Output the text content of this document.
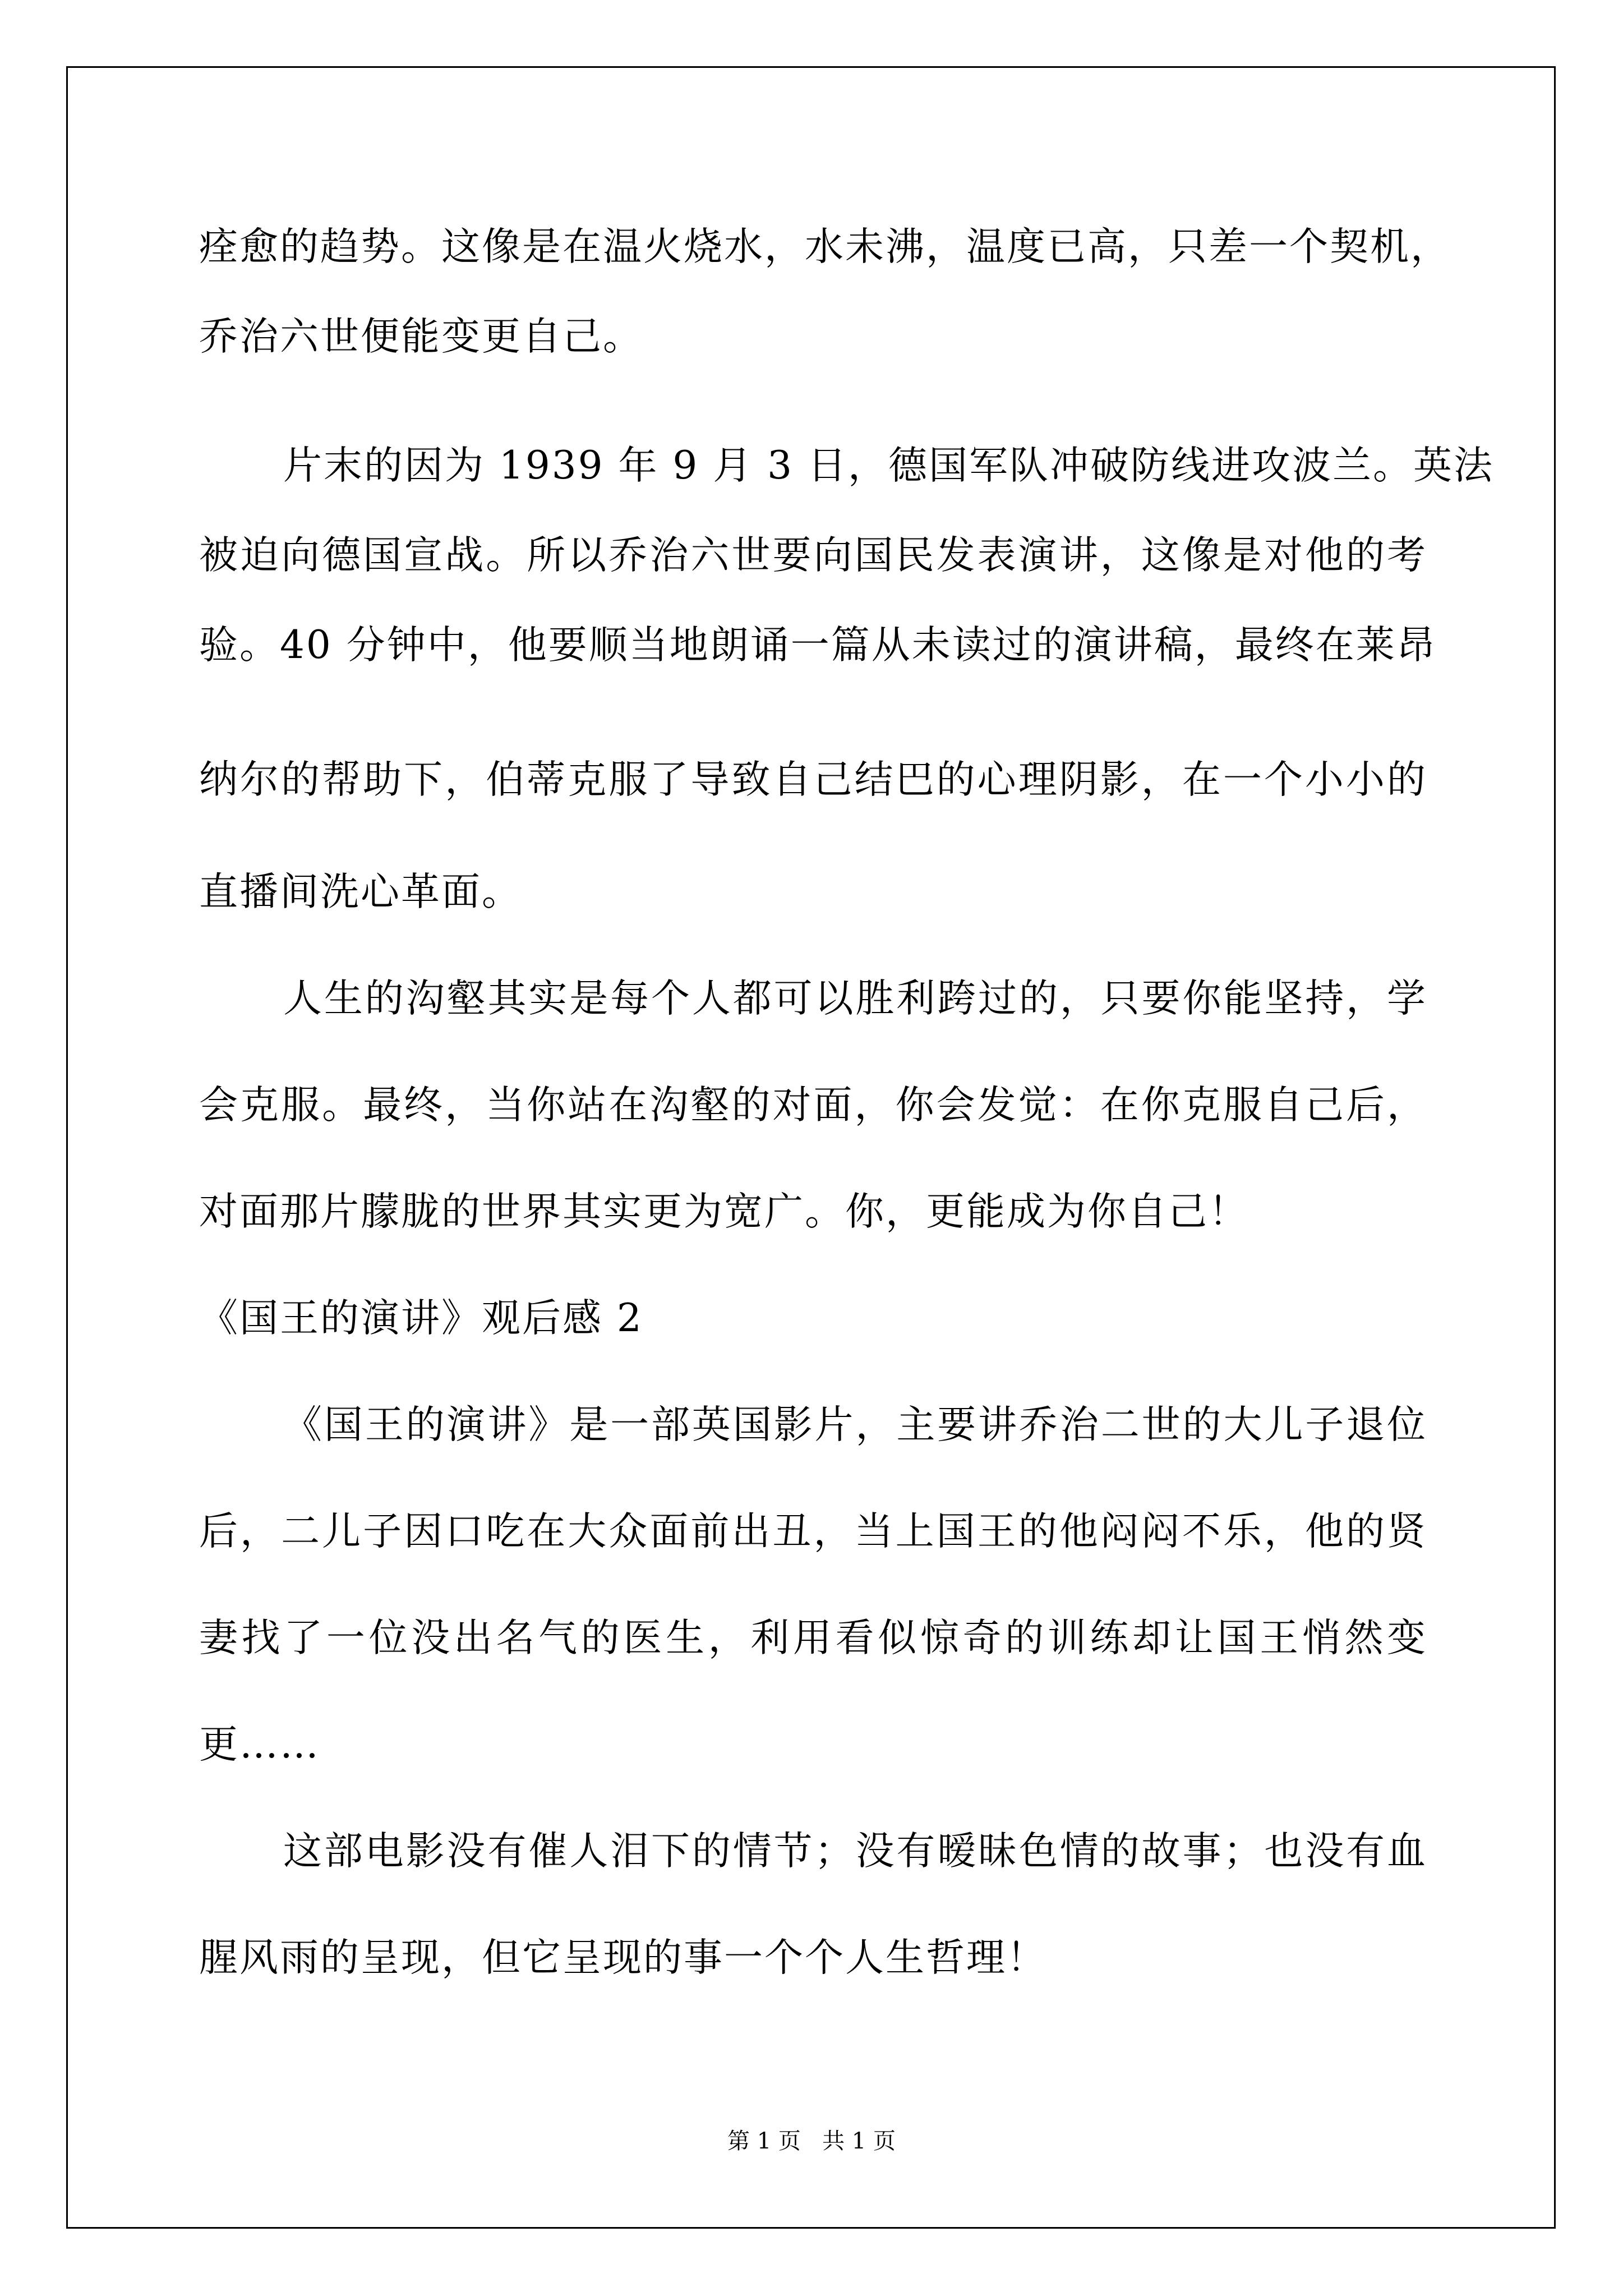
痊愈的趋势。这像是在温火烧水，水未沸，温度已高，只差一个契机，
乔治六世便能变更自己。
片末的因为 1939 年 9 月 3 日，德国军队冲破防线进攻波兰。英法
被迫向德国宣战。所以乔治六世要向国民发表演讲，这像是对他的考
验。40 分钟中，他要顺当地朗诵一篇从未读过的演讲稿，最终在莱昂
纳尔的帮助下，伯蒂克服了导致自己结巴的心理阴影，在一个小小的
直播间洗心革面。
人生的沟壑其实是每个人都可以胜利跨过的，只要你能坚持，学
会克服。最终，当你站在沟壑的对面，你会发觉：在你克服自己后，
对面那片朦胧的世界其实更为宽广。你，更能成为你自己！
《国王的演讲》观后感 2
《国王的演讲》是一部英国影片，主要讲乔治二世的大儿子退位
后，二儿子因口吃在大众面前出丑，当上国王的他闷闷不乐，他的贤
妻找了一位没出名气的医生，利用看似惊奇的训练却让国王悄然变
更……
这部电影没有催人泪下的情节；没有暧昧色情的故事；也没有血
腥风雨的呈现，但它呈现的事一个个人生哲理！
第 1 页   共 1 页
